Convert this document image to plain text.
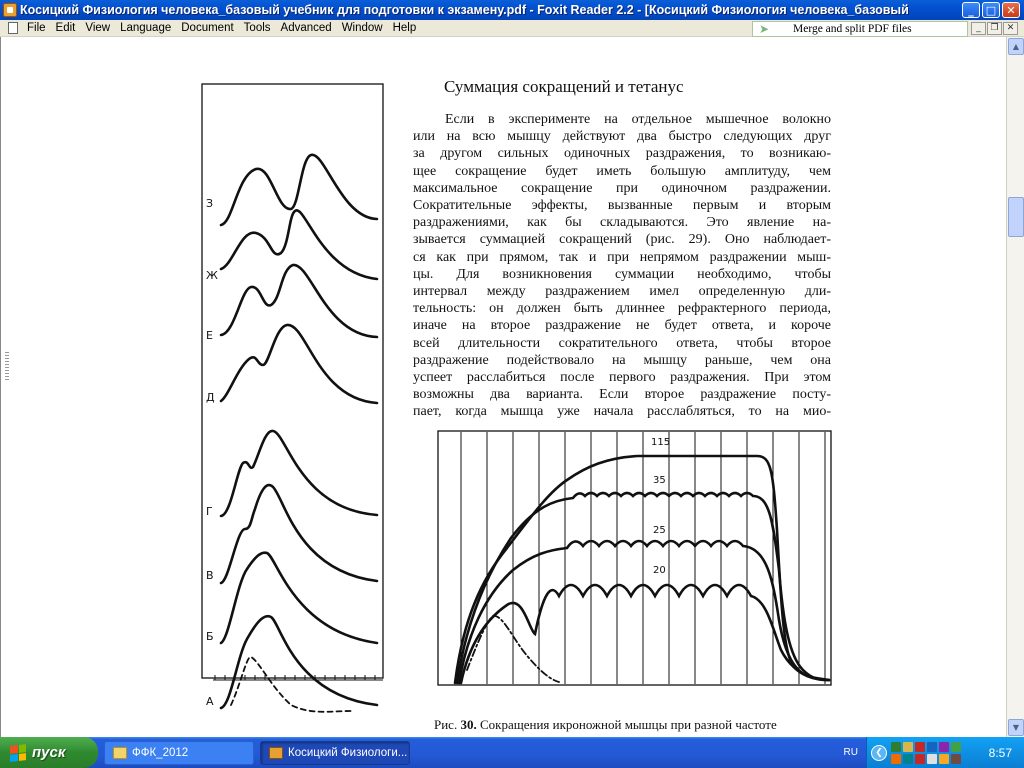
Косицкий Физиология человека_базовый учебник для подготовки к экзамену.pdf - Foxit Reader 2.2 - [Косицкий Физиология человека_базовый	_	□ ✕
File Edit View Language Document Tools Advanced Window Help	_	❐ ✕
➤	Merge and split PDF files
Суммация сокращений и тетанус
Если в эксперименте на отдельное мышечное волокно
или на всю мышцу действуют два быстро следующих друг
за другом сильных одиночных раздражения, то возникаю-
щее сокращение будет иметь большую амплитуду, чем
максимальное сокращение при одиночном раздражении.
Сократительные эффекты, вызванные первым и вторым
раздражениями, как бы складываются. Это явление на-
зывается суммацией сокращений (рис. 29). Оно наблюдает-
ся как при прямом, так и при непрямом раздражении мыш-
цы. Для возникновения суммации необходимо, чтобы
интервал между раздражением имел определенную дли-
тельность: он должен быть длиннее рефрактерного периода,
иначе на второе раздражение не будет ответа, и короче
всей длительности сократительного ответа, чтобы второе
раздражение подействовало на мышцу раньше, чем она
успеет расслабиться после первого раздражения. При этом
возможны два варианта. Если второе раздражение посту-
пает, когда мышца уже начала расслабляться, то на мио-
З
Ж
Е
Д
Г
В
Б
А
115
35
25
20
Рис. 30. Сокращения икроножной мышцы при разной частоте
▲
▼
пуск	ФФК_2012	Косицкий Физиологи...	RU	❮	8:57
